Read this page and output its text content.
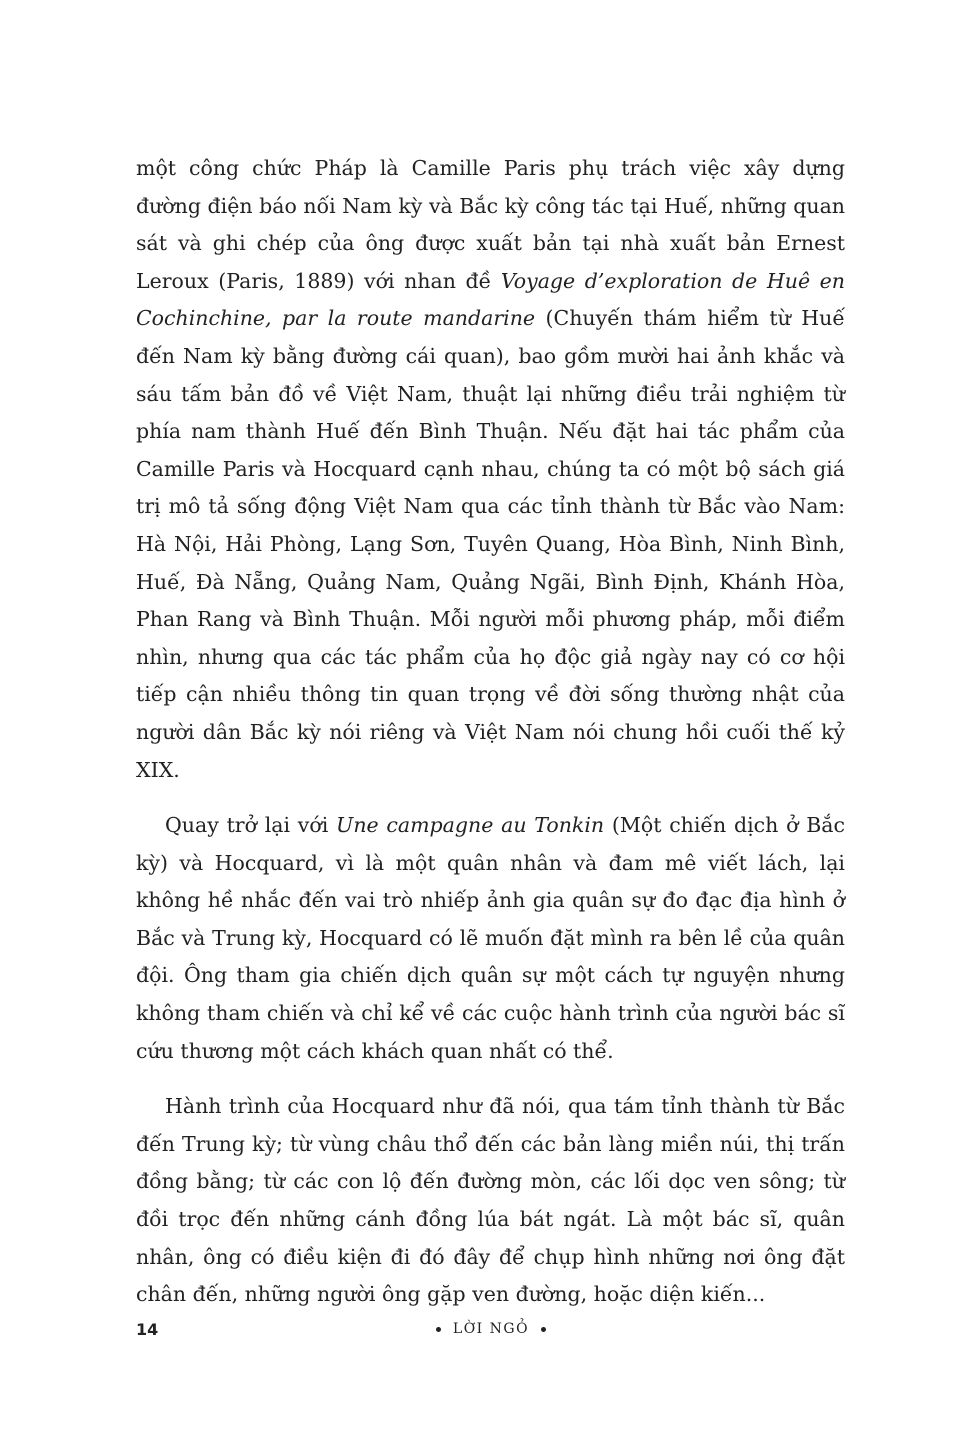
một công chức Pháp là Camille Paris phụ trách việc xây dựng đường điện báo nối Nam kỳ và Bắc kỳ công tác tại Huế, những quan sát và ghi chép của ông được xuất bản tại nhà xuất bản Ernest Leroux (Paris, 1889) với nhan đề Voyage d’exploration de Huê en Cochinchine, par la route mandarine (Chuyến thám hiểm từ Huế đến Nam kỳ bằng đường cái quan), bao gồm mười hai ảnh khắc và sáu tấm bản đồ về Việt Nam, thuật lại những điều trải nghiệm từ phía nam thành Huế đến Bình Thuận. Nếu đặt hai tác phẩm của Camille Paris và Hocquard cạnh nhau, chúng ta có một bộ sách giá trị mô tả sống động Việt Nam qua các tỉnh thành từ Bắc vào Nam: Hà Nội, Hải Phòng, Lạng Sơn, Tuyên Quang, Hòa Bình, Ninh Bình, Huế, Đà Nẵng, Quảng Nam, Quảng Ngãi, Bình Định, Khánh Hòa, Phan Rang và Bình Thuận. Mỗi người mỗi phương pháp, mỗi điểm nhìn, nhưng qua các tác phẩm của họ độc giả ngày nay có cơ hội tiếp cận nhiều thông tin quan trọng về đời sống thường nhật của người dân Bắc kỳ nói riêng và Việt Nam nói chung hồi cuối thế kỷ XIX.

Quay trở lại với Une campagne au Tonkin (Một chiến dịch ở Bắc kỳ) và Hocquard, vì là một quân nhân và đam mê viết lách, lại không hề nhắc đến vai trò nhiếp ảnh gia quân sự đo đạc địa hình ở Bắc và Trung kỳ, Hocquard có lẽ muốn đặt mình ra bên lề của quân đội. Ông tham gia chiến dịch quân sự một cách tự nguyện nhưng không tham chiến và chỉ kể về các cuộc hành trình của người bác sĩ cứu thương một cách khách quan nhất có thể.

Hành trình của Hocquard như đã nói, qua tám tỉnh thành từ Bắc đến Trung kỳ; từ vùng châu thổ đến các bản làng miền núi, thị trấn đồng bằng; từ các con lộ đến đường mòn, các lối dọc ven sông; từ đồi trọc đến những cánh đồng lúa bát ngát. Là một bác sĩ, quân nhân, ông có điều kiện đi đó đây để chụp hình những nơi ông đặt chân đến, những người ông gặp ven đường, hoặc diện kiến...

14	LỜI NGỎ
